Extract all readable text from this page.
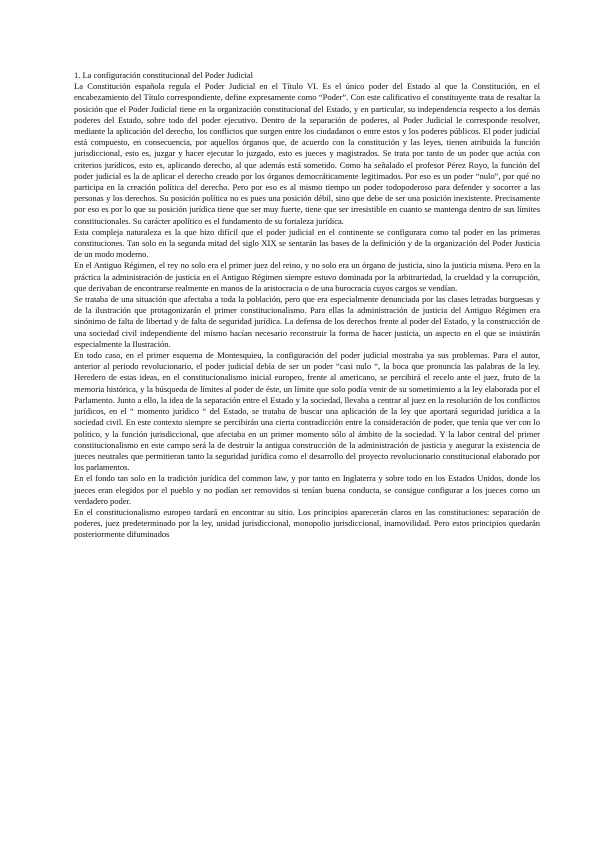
1. La configuración constitucional del Poder Judicial

La Constitución española regula el Poder Judicial en el Título VI. Es el único poder del Estado al que la Constitución, en el encabezamiento del Título correspondiente, define expresamente como “Poder”. Con este calificativo el constituyente trata de resaltar la posición que el Poder Judicial tiene en la organización constitucional del Estado, y en particular, su independencia respecto a los demás poderes del Estado, sobre todo del poder ejecutivo. Dentro de la separación de poderes, al Poder Judicial le corresponde resolver, mediante la aplicación del derecho, los conflictos que surgen entre los ciudadanos o entre estos y los poderes públicos. El poder judicial está compuesto, en consecuencia, por aquellos órganos que, de acuerdo con la constitución y las leyes, tienen atribuida la función jurisdiccional, esto es, juzgar y hacer ejecutar lo juzgado, esto es jueces y magistrados. Se trata por tanto de un poder que actúa con criterios jurídicos, esto es, aplicando derecho, al que además está sometido. Como ha señalado el profesor Pérez Royo, la función del poder judicial es la de aplicar el derecho creado por los órganos democráticamente legitimados. Por eso es un poder “nulo”, por qué no participa en la creación política del derecho. Pero por eso es al mismo tiempo un poder todopoderoso para defender y socorrer a las personas y los derechos. Su posición política no es pues una posición débil, sino que debe de ser una posición inexistente. Precisamente por eso es por lo que su posición jurídica tiene que ser muy fuerte, tiene que ser irresistible en cuanto se mantenga dentro de sus límites constitucionales. Su carácter apolítico es el fundamento de su fortaleza jurídica.

Esta compleja naturaleza es la que hizo difícil que el poder judicial en el continente se configurara como tal poder en las primeras constituciones. Tan solo en la segunda mitad del siglo XIX se sentarán las bases de la definición y de la organización del Poder Justicia de un modo moderno.

En el Antiguo Régimen, el rey no solo era el primer juez del reino, y no solo era un órgano de justicia, sino la justicia misma. Pero en la práctica la administración de justicia en el Antiguo Régimen siempre estuvo dominada por la arbitrariedad, la crueldad y la corrupción, que derivaban de encontrarse realmente en manos de la aristocracia o de una burocracia cuyos cargos se vendían.

Se trataba de una situación que afectaba a toda la población, pero que era especialmente denunciada por las clases letradas burguesas y de la ilustración que protagonizarán el primer constitucionalismo. Para ellas la administración de justicia del Antiguo Régimen era sinónimo de falta de libertad y de falta de seguridad jurídica. La defensa de los derechos frente al poder del Estado, y la construcción de una sociedad civil independiente del mismo hacían necesario reconstruir la forma de hacer justicia, un aspecto en el que se insistirán especialmente la Ilustración.

En todo caso, en el primer esquema de Montesquieu, la configuración del poder judicial mostraba ya sus problemas. Para el autor, anterior al periodo revolucionario, el poder judicial debía de ser un poder “casi nulo “, la boca que pronuncia las palabras de la ley. Heredero de estas ideas, en el constitucionalismo inicial europeo, frente al americano, se percibirá el recelo ante el juez, fruto de la memoria histórica, y la búsqueda de límites al poder de éste, un límite que solo podía venir de su sometimiento a la ley elaborada por el Parlamento. Junto a ello, la idea de la separación entre el Estado y la sociedad, llevaba a centrar al juez en la resolución de los conflictos jurídicos, en el “ momento jurídico “ del Estado, se trataba de buscar una aplicación de la ley que aportará seguridad jurídica a la sociedad civil. En este contexto siempre se percibirán una cierta contradicción entre la consideración de poder, que tenía que ver con lo político, y la función jurisdiccional, que afectaba en un primer momento sólo al ámbito de la sociedad. Y la labor central del primer constitucionalismo en este campo será la de destruir la antigua construcción de la administración de justicia y asegurar la existencia de jueces neutrales que permitieran tanto la seguridad jurídica como el desarrollo del proyecto revolucionario constitucional elaborado por los parlamentos.

En el fondo tan solo en la tradición jurídica del common law, y por tanto en Inglaterra y sobre todo en los Estados Unidos, donde los jueces eran elegidos por el pueblo y no podían ser removidos si tenían buena conducta, se consigue configurar a los jueces como un verdadero poder.

En el constitucionalismo europeo tardará en encontrar su sitio. Los principios aparecerán claros en las constituciones: separación de poderes, juez predeterminado por la ley, unidad jurisdiccional, monopolio jurisdiccional, inamovilidad. Pero estos principios quedarán posteriormente difuminados
